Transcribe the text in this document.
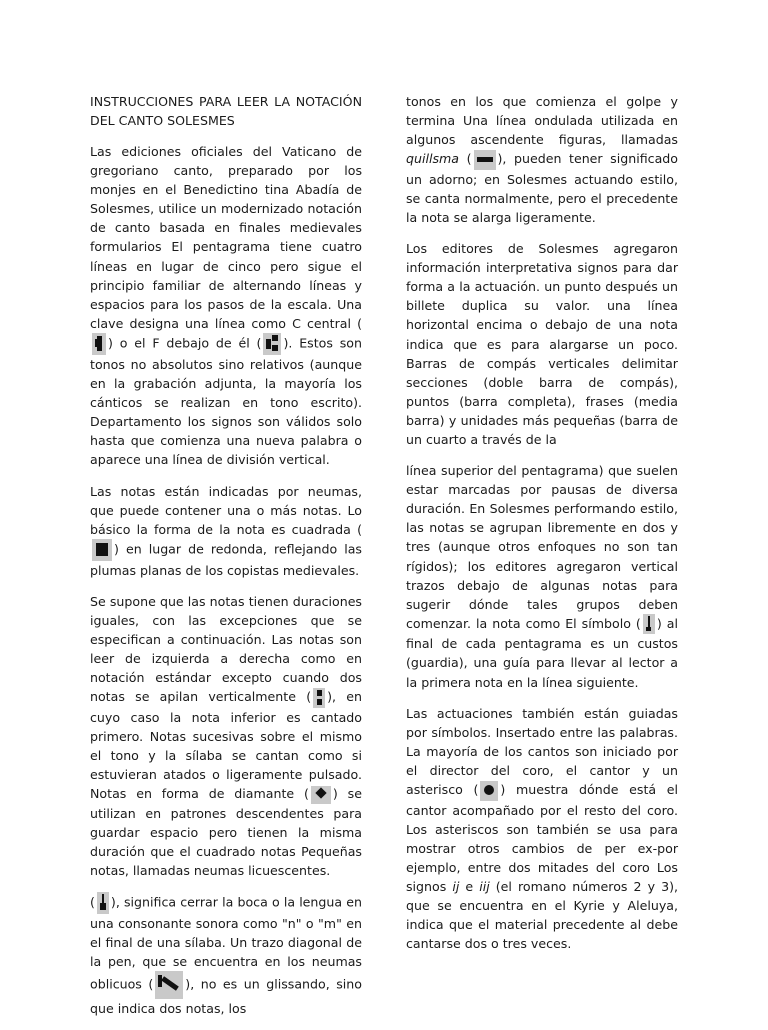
INSTRUCCIONES PARA LEER LA NOTACIÓN DEL CANTO SOLESMES

Las ediciones oficiales del Vaticano de gregoriano canto, preparado por los monjes en el Benedictino tina Abadía de Solesmes, utilice un modernizado notación de canto basada en finales medievales formularios El pentagrama tiene cuatro líneas en lugar de cinco pero sigue el principio familiar de alternando líneas y espacios para los pasos de la escala. Una clave designa una línea como C central (
) o el F debajo de él ( ). Estos son tonos no absolutos sino relativos (aunque en la grabación adjunta, la mayoría los cánticos se realizan en tono escrito). Departamento los signos son válidos solo hasta que comienza una nueva palabra o aparece una línea de división vertical.

Las notas están indicadas por neumas, que puede contener una o más notas. Lo básico la forma de la nota es cuadrada (
) en lugar de redonda, reflejando las plumas planas de los copistas medievales.

Se supone que las notas tienen duraciones iguales, con las excepciones que se especifican a continuación. Las notas son leer de izquierda a derecha como en notación estándar excepto cuando dos notas se apilan verticalmente ( ), en cuyo caso la nota inferior es cantado primero. Notas sucesivas sobre el mismo el tono y la sílaba se cantan como si estuvieran atados o ligeramente pulsado. Notas en forma de diamante ( ) se utilizan en patrones descendentes para guardar espacio pero tienen la misma duración que el cuadrado notas Pequeñas notas, llamadas neumas licuescentes.

( ), significa cerrar la boca o la lengua en una consonante sonora como "n" o "m" en el final de una sílaba. Un trazo diagonal de la pen, que se encuentra en los neumas oblicuos (	), no es un glissando, sino que indica dos notas, los

tonos en los que comienza el golpe y termina Una línea ondulada utilizada en algunos ascendente figuras, llamadas quillsma ( ), pueden tener significado un adorno; en Solesmes actuando estilo, se canta normalmente, pero el precedente la nota se alarga ligeramente.

Los editores de Solesmes agregaron información interpretativa signos para dar forma a la actuación. un punto después un billete duplica su valor. una línea horizontal encima o debajo de una nota indica que es para alargarse un poco. Barras de compás verticales delimitar secciones (doble barra de compás), puntos (barra completa), frases (media barra) y unidades más pequeñas (barra de un cuarto a través de la

línea superior del pentagrama) que suelen estar marcadas por pausas de diversa duración. En Solesmes performando estilo, las notas se agrupan libremente en dos y tres (aunque otros enfoques no son tan rígidos); los editores agregaron vertical trazos debajo de algunas notas para sugerir dónde tales grupos deben comenzar. la nota como El símbolo ( ) al final de cada pentagrama es un custos (guardia), una guía para llevar al lector a la primera nota en la línea siguiente.

Las actuaciones también están guiadas por símbolos. Insertado entre las palabras. La mayoría de los cantos son iniciado por el director del coro, el cantor y un asterisco ( ) muestra dónde está el cantor acompañado por el resto del coro. Los asteriscos son también se usa para mostrar otros cambios de per ex-por ejemplo, entre dos mitades del coro Los signos ij e iij (el romano números 2 y 3), que se encuentra en el Kyrie y Aleluya, indica que el material precedente al debe cantarse dos o tres veces.
